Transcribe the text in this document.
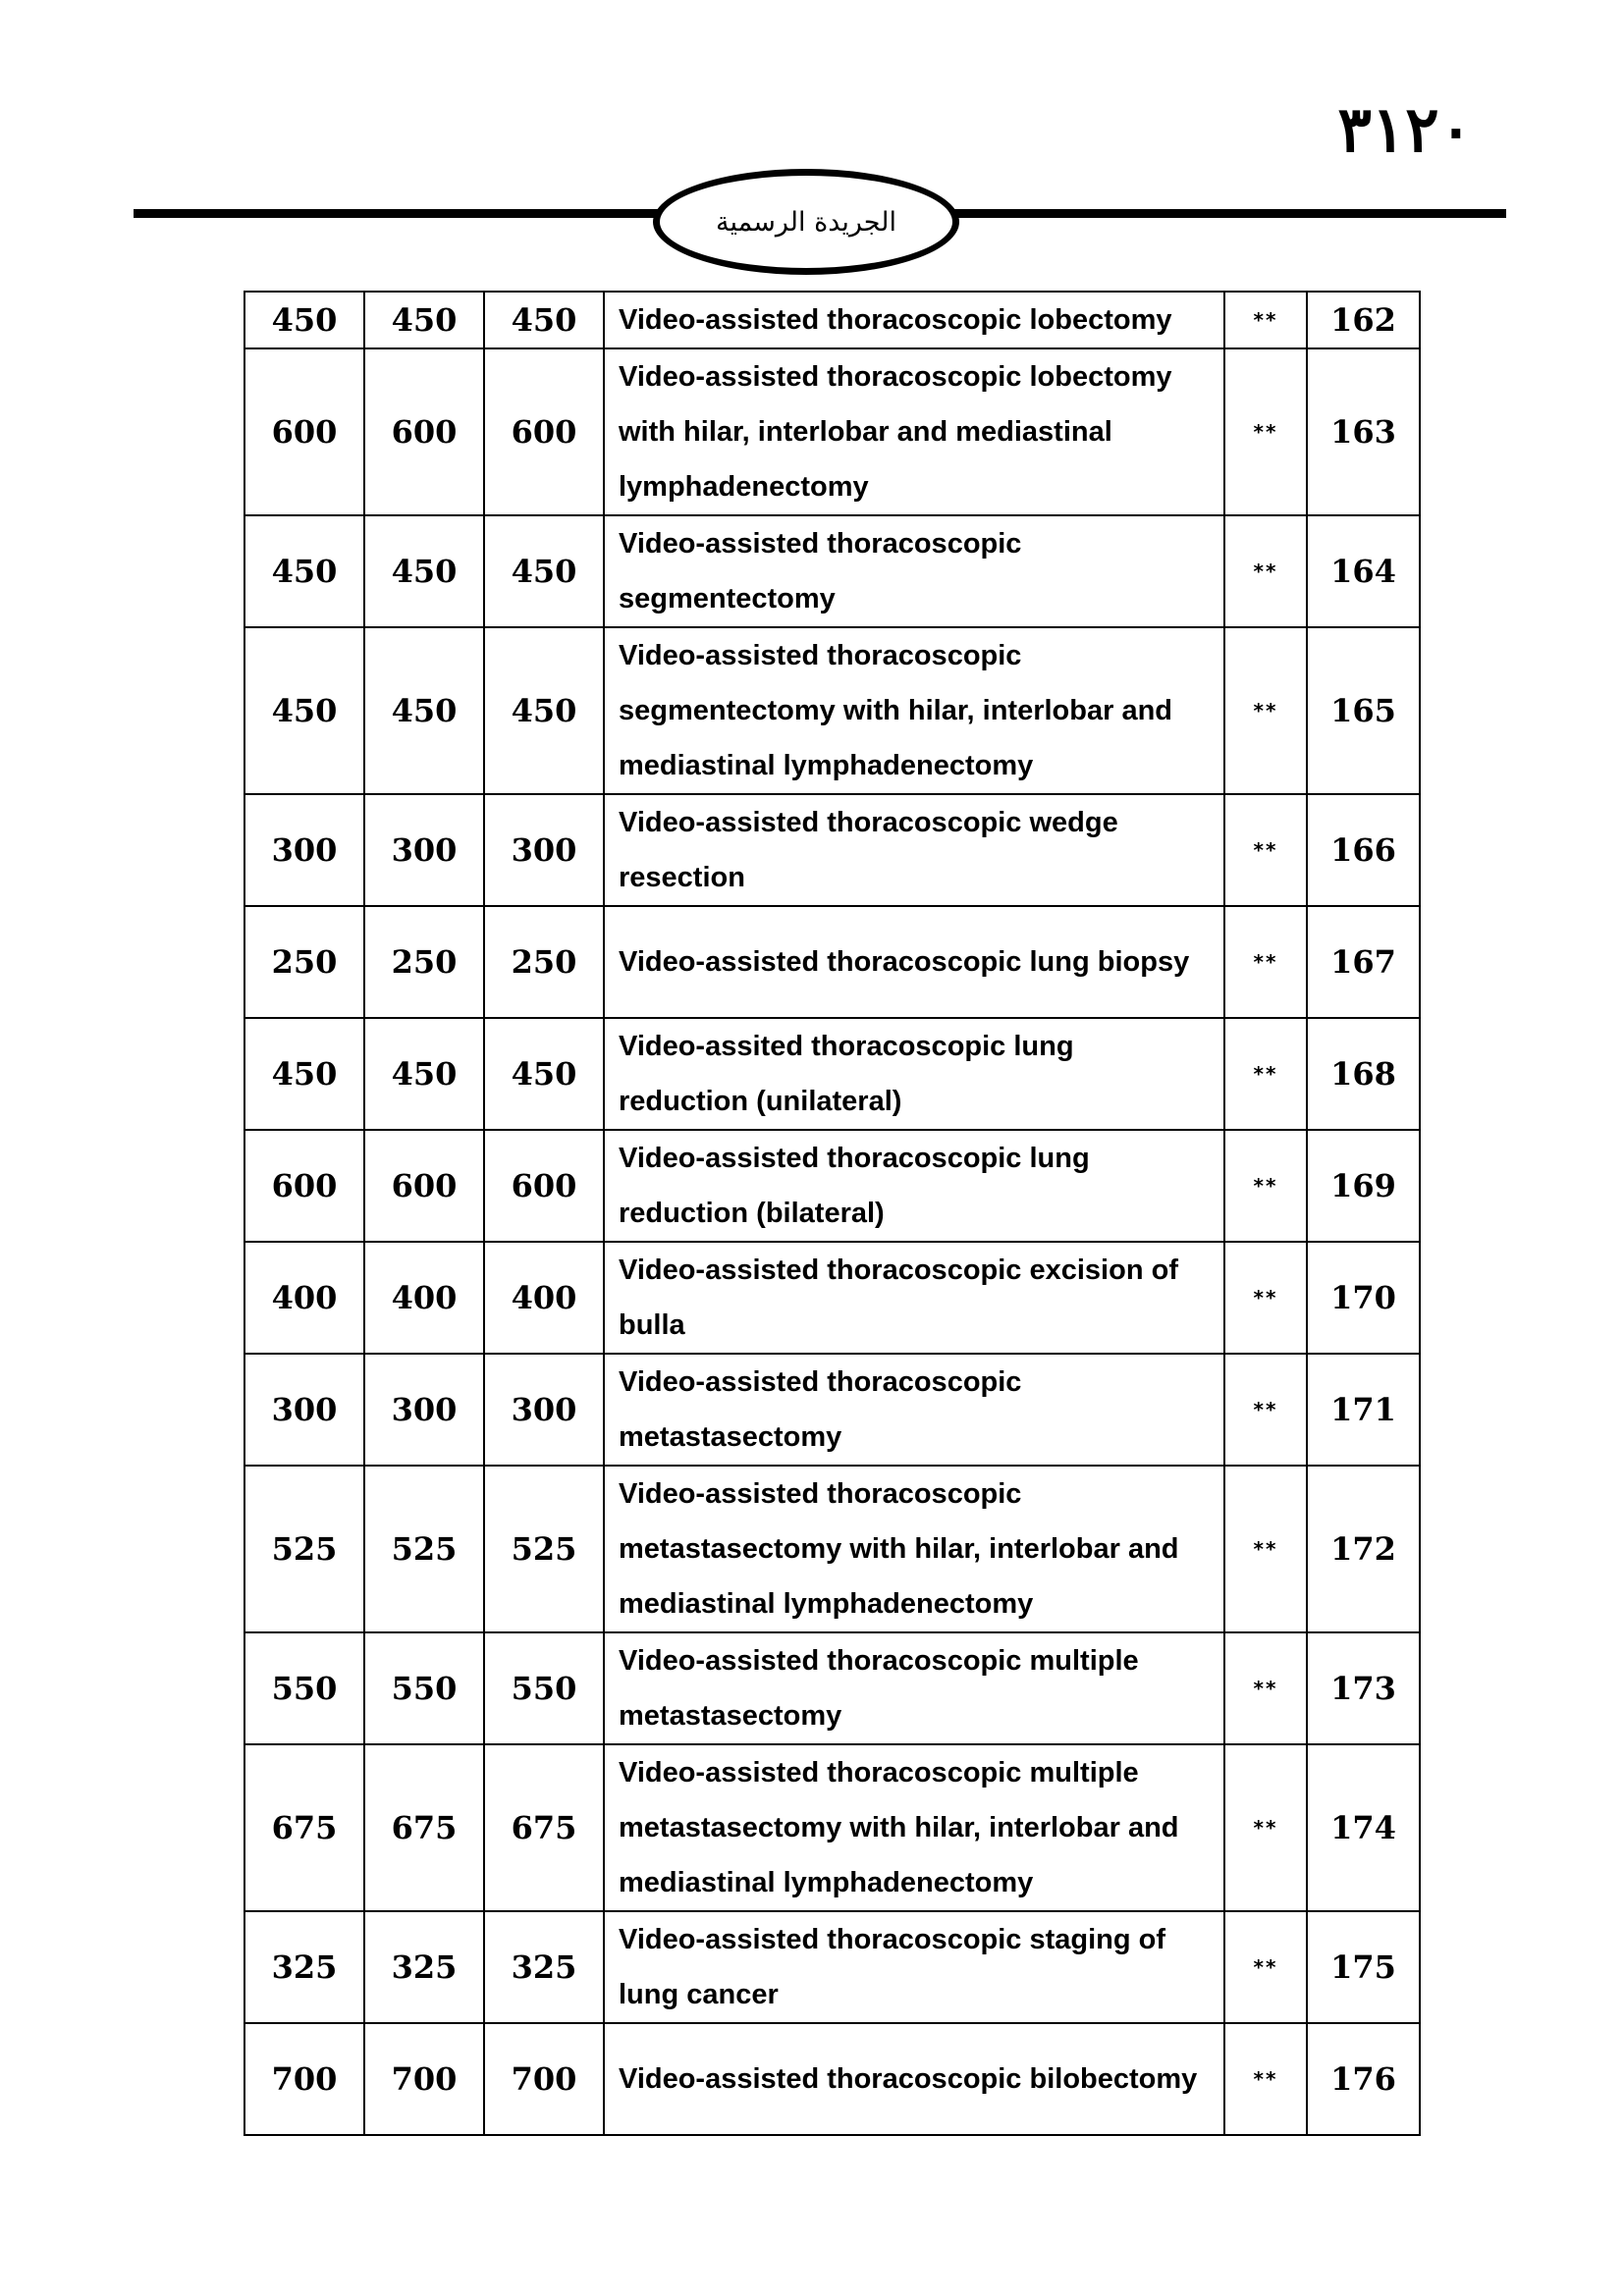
٣١٢٠
الجريدة الرسمية
450	450	450	Video-assisted thoracoscopic lobectomy	**	162
600	600	600	Video-assisted thoracoscopic lobectomy with hilar, interlobar and mediastinal lymphadenectomy	**	163
450	450	450	Video-assisted thoracoscopic segmentectomy	**	164
450	450	450	Video-assisted thoracoscopic segmentectomy with hilar, interlobar and mediastinal lymphadenectomy	**	165
300	300	300	Video-assisted thoracoscopic wedge resection	**	166
250	250	250	Video-assisted thoracoscopic lung biopsy	**	167
450	450	450	Video-assited thoracoscopic lung reduction (unilateral)	**	168
600	600	600	Video-assisted thoracoscopic lung reduction (bilateral)	**	169
400	400	400	Video-assisted thoracoscopic excision of bulla	**	170
300	300	300	Video-assisted thoracoscopic metastasectomy	**	171
525	525	525	Video-assisted thoracoscopic metastasectomy with hilar, interlobar and mediastinal lymphadenectomy	**	172
550	550	550	Video-assisted thoracoscopic multiple metastasectomy	**	173
675	675	675	Video-assisted thoracoscopic multiple metastasectomy with hilar, interlobar and mediastinal lymphadenectomy	**	174
325	325	325	Video-assisted thoracoscopic staging of lung cancer	**	175
700	700	700	Video-assisted thoracoscopic bilobectomy	**	176
